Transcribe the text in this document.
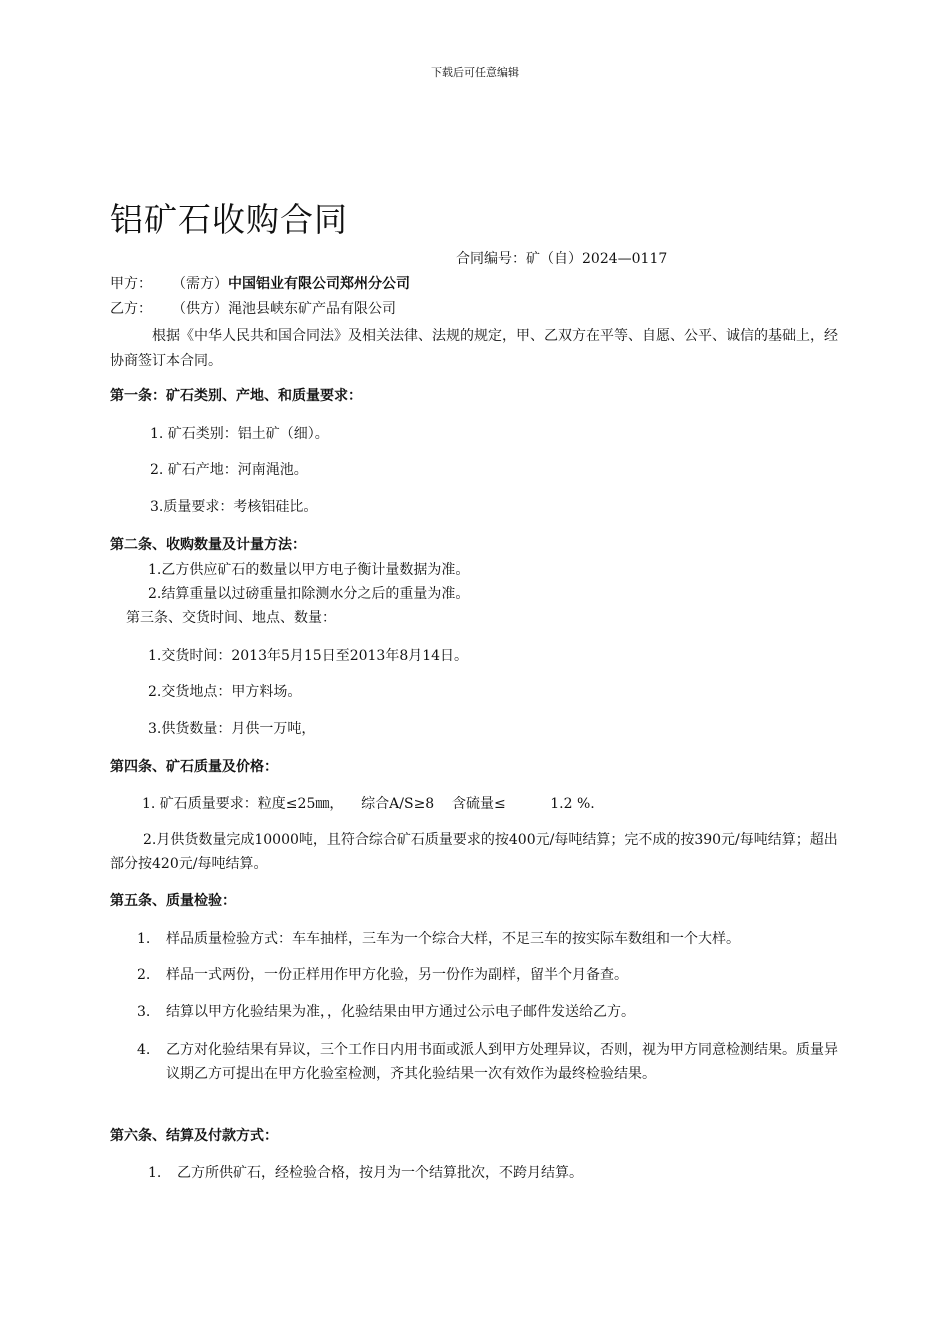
下载后可任意编辑
铝矿石收购合同
合同编号：矿（自）2024—0117
甲方： （需方）中国铝业有限公司郑州分公司
乙方： （供方）渑池县峡东矿产品有限公司
根据《中华人民共和国合同法》及相关法律、法规的规定，甲、乙双方在平等、自愿、公平、诚信的基础上，经协商签订本合同。
第一条：矿石类别、产地、和质量要求：
1. 矿石类别：铝土矿（细）。
2. 矿石产地：河南渑池。
3.质量要求：考核铝硅比。
第二条、收购数量及计量方法：
1.乙方供应矿石的数量以甲方电子衡计量数据为准。
2.结算重量以过磅重量扣除测水分之后的重量为准。
第三条、交货时间、地点、数量：
1.交货时间：2013年5月15日至2013年8月14日。
2.交货地点：甲方料场。
3.供货数量：月供一万吨，
第四条、矿石质量及价格：
1. 矿石质量要求：粒度≤25㎜，    综合A/S≥8    含硫量≤          1.2 %.
2.月供货数量完成10000吨，且符合综合矿石质量要求的按400元/每吨结算；完不成的按390元/每吨结算；超出部分按420元/每吨结算。
第五条、质量检验：
1. 样品质量检验方式：车车抽样，三车为一个综合大样，不足三车的按实际车数组和一个大样。
2. 样品一式两份，一份正样用作甲方化验，另一份作为副样，留半个月备查。
3. 结算以甲方化验结果为准，，化验结果由甲方通过公示电子邮件发送给乙方。
4. 乙方对化验结果有异议，三个工作日内用书面或派人到甲方处理异议，否则，视为甲方同意检测结果。质量异议期乙方可提出在甲方化验室检测，齐其化验结果一次有效作为最终检验结果。
第六条、结算及付款方式：
1. 乙方所供矿石，经检验合格，按月为一个结算批次，不跨月结算。
